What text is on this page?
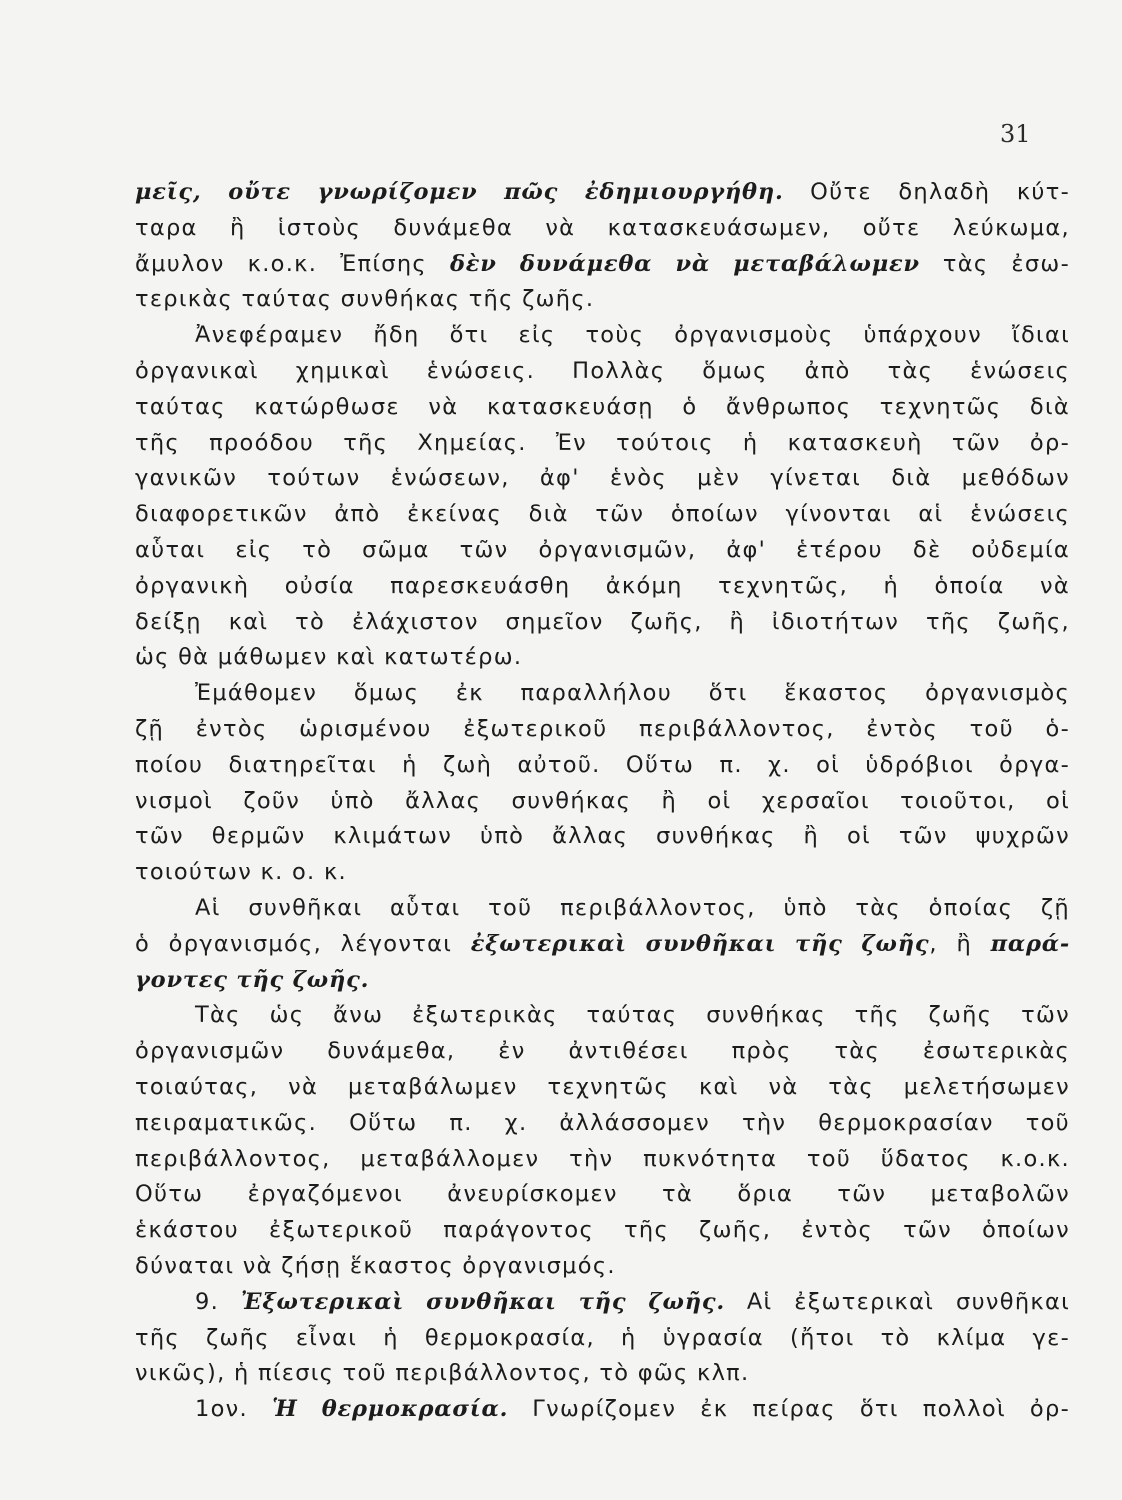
31
μεῖς, οὔτε γνωρίζομεν πῶς ἐδημιουργήθη. Οὔτε δηλαδὴ κύτ-
ταρα ἢ ἱστοὺς δυνάμεθα νὰ κατασκευάσωμεν, οὔτε λεύκωμα,
ἄμυλον κ.ο.κ. Ἐπίσης δὲν δυνάμεθα νὰ μεταβάλωμεν τὰς ἐσω-
τερικὰς ταύτας συνθήκας τῆς ζωῆς.
Ἀνεφέραμεν ἤδη ὅτι εἰς τοὺς ὀργανισμοὺς ὑπάρχουν ἴδιαι
ὀργανικαὶ χημικαὶ ἑνώσεις. Πολλὰς ὅμως ἀπὸ τὰς ἑνώσεις
ταύτας κατώρθωσε νὰ κατασκευάσῃ ὁ ἄνθρωπος τεχνητῶς διὰ
τῆς προόδου τῆς Χημείας. Ἐν τούτοις ἡ κατασκευὴ τῶν ὀρ-
γανικῶν τούτων ἑνώσεων, ἀφ' ἑνὸς μὲν γίνεται διὰ μεθόδων
διαφορετικῶν ἀπὸ ἐκείνας διὰ τῶν ὁποίων γίνονται αἱ ἑνώσεις
αὗται εἰς τὸ σῶμα τῶν ὀργανισμῶν, ἀφ' ἑτέρου δὲ οὐδεμία
ὀργανικὴ οὐσία παρεσκευάσθη ἀκόμη τεχνητῶς, ἡ ὁποία νὰ
δείξῃ καὶ τὸ ἐλάχιστον σημεῖον ζωῆς, ἢ ἰδιοτήτων τῆς ζωῆς,
ὡς θὰ μάθωμεν καὶ κατωτέρω.
Ἐμάθομεν ὅμως ἐκ παραλλήλου ὅτι ἕκαστος ὀργανισμὸς
ζῇ ἐντὸς ὡρισμένου ἐξωτερικοῦ περιβάλλοντος, ἐντὸς τοῦ ὁ-
ποίου διατηρεῖται ἡ ζωὴ αὐτοῦ. Οὕτω π. χ. οἱ ὑδρόβιοι ὀργα-
νισμοὶ ζοῦν ὑπὸ ἄλλας συνθήκας ἢ οἱ χερσαῖοι τοιοῦτοι, οἱ
τῶν θερμῶν κλιμάτων ὑπὸ ἄλλας συνθήκας ἢ οἱ τῶν ψυχρῶν
τοιούτων κ. ο. κ.
Αἱ συνθῆκαι αὗται τοῦ περιβάλλοντος, ὑπὸ τὰς ὁποίας ζῇ
ὁ ὀργανισμός, λέγονται ἐξωτερικαὶ συνθῆκαι τῆς ζωῆς, ἢ παρά-
γοντες τῆς ζωῆς.
Τὰς ὡς ἄνω ἐξωτερικὰς ταύτας συνθήκας τῆς ζωῆς τῶν
ὀργανισμῶν δυνάμεθα, ἐν ἀντιθέσει πρὸς τὰς ἐσωτερικὰς
τοιαύτας, νὰ μεταβάλωμεν τεχνητῶς καὶ νὰ τὰς μελετήσωμεν
πειραματικῶς. Οὕτω π. χ. ἀλλάσσομεν τὴν θερμοκρασίαν τοῦ
περιβάλλοντος, μεταβάλλομεν τὴν πυκνότητα τοῦ ὕδατος κ.ο.κ.
Οὕτω ἐργαζόμενοι ἀνευρίσκομεν τὰ ὅρια τῶν μεταβολῶν
ἑκάστου ἐξωτερικοῦ παράγοντος τῆς ζωῆς, ἐντὸς τῶν ὁποίων
δύναται νὰ ζήσῃ ἕκαστος ὀργανισμός.
9. Ἐξωτερικαὶ συνθῆκαι τῆς ζωῆς. Αἱ ἐξωτερικαὶ συνθῆκαι
τῆς ζωῆς εἶναι ἡ θερμοκρασία, ἡ ὑγρασία (ἤτοι τὸ κλίμα γε-
νικῶς), ἡ πίεσις τοῦ περιβάλλοντος, τὸ φῶς κλπ.
1ον. Ἡ θερμοκρασία. Γνωρίζομεν ἐκ πείρας ὅτι πολλοὶ ὀρ-
